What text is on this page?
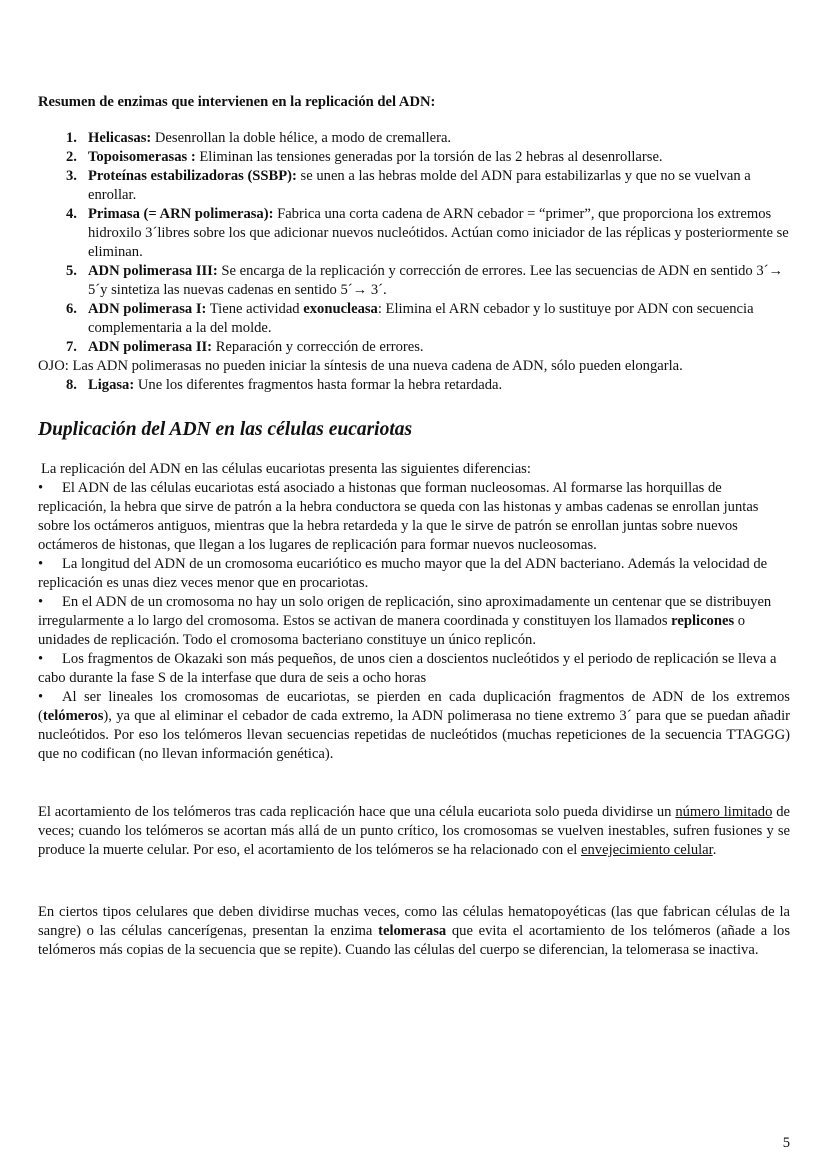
Resumen de enzimas que intervienen en la replicación del ADN:
1. Helicasas: Desenrollan la doble hélice, a modo de cremallera.
2. Topoisomerasas : Eliminan las tensiones generadas por la torsión de las 2 hebras al desenrollarse.
3. Proteínas estabilizadoras (SSBP): se unen a las hebras molde del ADN para estabilizarlas y que no se vuelvan a enrollar.
4. Primasa (= ARN polimerasa): Fabrica una corta cadena de ARN cebador = “primer”, que proporciona los extremos hidroxilo 3´libres sobre los que adicionar nuevos nucleótidos. Actúan como iniciador de las réplicas y posteriormente se eliminan.
5. ADN polimerasa III: Se encarga de la replicación y corrección de errores. Lee las secuencias de ADN en sentido 3´→ 5´y sintetiza las nuevas cadenas en sentido 5´→ 3´.
6. ADN polimerasa I: Tiene actividad exonucleasa: Elimina el ARN cebador y lo sustituye por ADN con secuencia complementaria a la del molde.
7. ADN polimerasa II: Reparación y corrección de errores.
OJO: Las ADN polimerasas no pueden iniciar la síntesis de una nueva cadena de ADN, sólo pueden elongarla.
8. Ligasa: Une los diferentes fragmentos hasta formar la hebra retardada.
Duplicación del ADN en las células eucariotas

La replicación del ADN en las células eucariotas presenta las siguientes diferencias:

• El ADN de las células eucariotas está asociado a histonas que forman nucleosomas. Al formarse las horquillas de replicación, la hebra que sirve de patrón a la hebra conductora se queda con las histonas y ambas cadenas se enrollan juntas sobre los octámeros antiguos, mientras que la hebra retardeda y la que le sirve de patrón se enrollan juntas sobre nuevos octámeros de histonas, que llegan a los lugares de replicación para formar nuevos nucleosomas.

• La longitud del ADN de un cromosoma eucariótico es mucho mayor que la del ADN bacteriano. Además la velocidad de replicación es unas diez veces menor que en procariotas.

• En el ADN de un cromosoma no hay un solo origen de replicación, sino aproximadamente un centenar que se distribuyen irregularmente a lo largo del cromosoma. Estos se activan de manera coordinada y constituyen los llamados replicones o unidades de replicación. Todo el cromosoma bacteriano constituye un único replicón.

• Los fragmentos de Okazaki son más pequeños, de unos cien a doscientos nucleótidos y el periodo de replicación se lleva a cabo durante la fase S de la interfase que dura de seis a ocho horas

• Al ser lineales los cromosomas de eucariotas, se pierden en cada duplicación fragmentos de ADN de los extremos (telómeros), ya que al eliminar el cebador de cada extremo, la ADN polimerasa no tiene extremo 3´ para que se puedan añadir nucleótidos. Por eso los telómeros llevan secuencias repetidas de nucleótidos (muchas repeticiones de la secuencia TTAGGG) que no codifican (no llevan información genética).

El acortamiento de los telómeros tras cada replicación hace que una célula eucariota solo pueda dividirse un número limitado de veces; cuando los telómeros se acortan más allá de un punto crítico, los cromosomas se vuelven inestables, sufren fusiones y se produce la muerte celular. Por eso, el acortamiento de los telómeros se ha relacionado con el envejecimiento celular.

En ciertos tipos celulares que deben dividirse muchas veces, como las células hematopoyéticas (las que fabrican células de la sangre) o las células cancerígenas, presentan la enzima telomerasa que evita el acortamiento de los telómeros (añade a los telómeros más copias de la secuencia que se repite). Cuando las células del cuerpo se diferencian, la telomerasa se inactiva.

5
